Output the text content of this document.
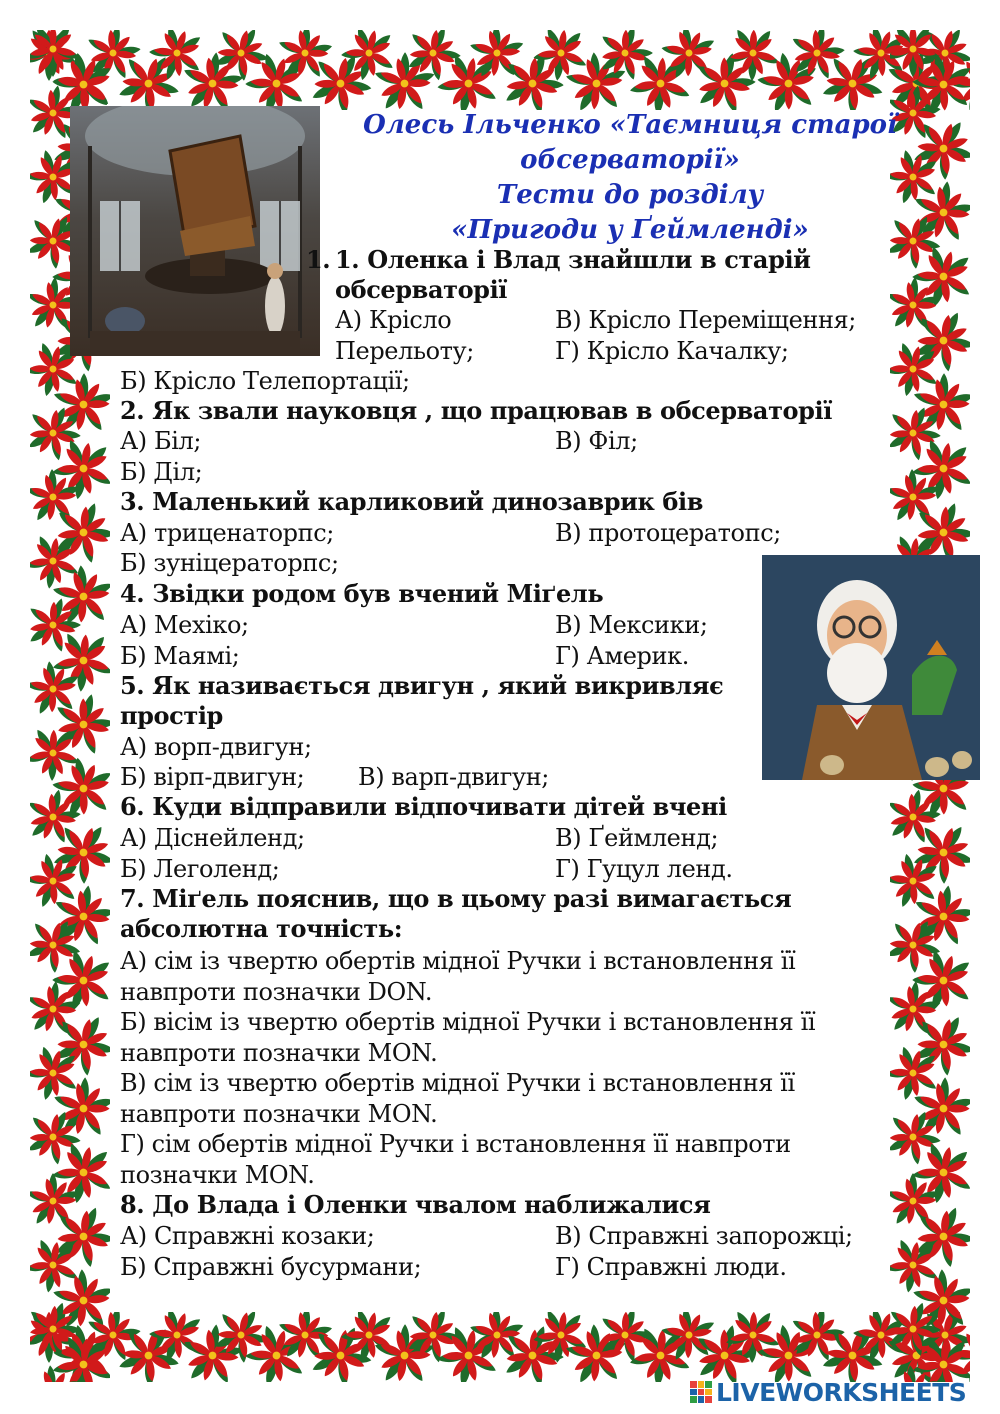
Олесь Ільченко «Таємниця старої
обсерваторії»
Тести до розділу
«Пригоди у Ґеймленді»
1. 1. Оленка і Влад знайшли в старій
обсерваторії
А) Крісло	В) Крісло Переміщення;
Перельоту;	Г) Крісло Качалку;
Б) Крісло Телепортації;
2. Як звали науковця , що працював в обсерваторії
А) Біл;	В) Філ;
Б) Діл;
3. Маленький карликовий динозаврик бів
А) триценаторпс;	В) протоцератопс;
Б) зуніцераторпс;
4. Звідки родом був вчений Міґель
А) Мехіко;	В) Мексики;
Б) Маямі;	Г) Америк.
5. Як називається двигун , який викривляє
простір
А) ворп-двигун;
Б) вірп-двигун; В) варп-двигун;
6. Куди відправили відпочивати дітей вчені
А) Діснейленд;	В) Ґеймленд;
Б) Леголенд;	Г) Гуцул ленд.
7. Міґель пояснив, що в цьому разі вимагається
абсолютна точність:
А) сім із чвертю обертів мідної Ручки і встановлення її
навпроти позначки DON.
Б) вісім із чвертю обертів мідної Ручки і встановлення її
навпроти позначки MON.
В) сім із чвертю обертів мідної Ручки і встановлення її
навпроти позначки MON.
Г) сім обертів мідної Ручки і встановлення її навпроти
позначки MON.
8. До Влада і Оленки чвалом наближалися
А) Справжні козаки;	В) Справжні запорожці;
Б) Справжні бусурмани;	Г) Справжні люди.
LIVEWORKSHEETS
